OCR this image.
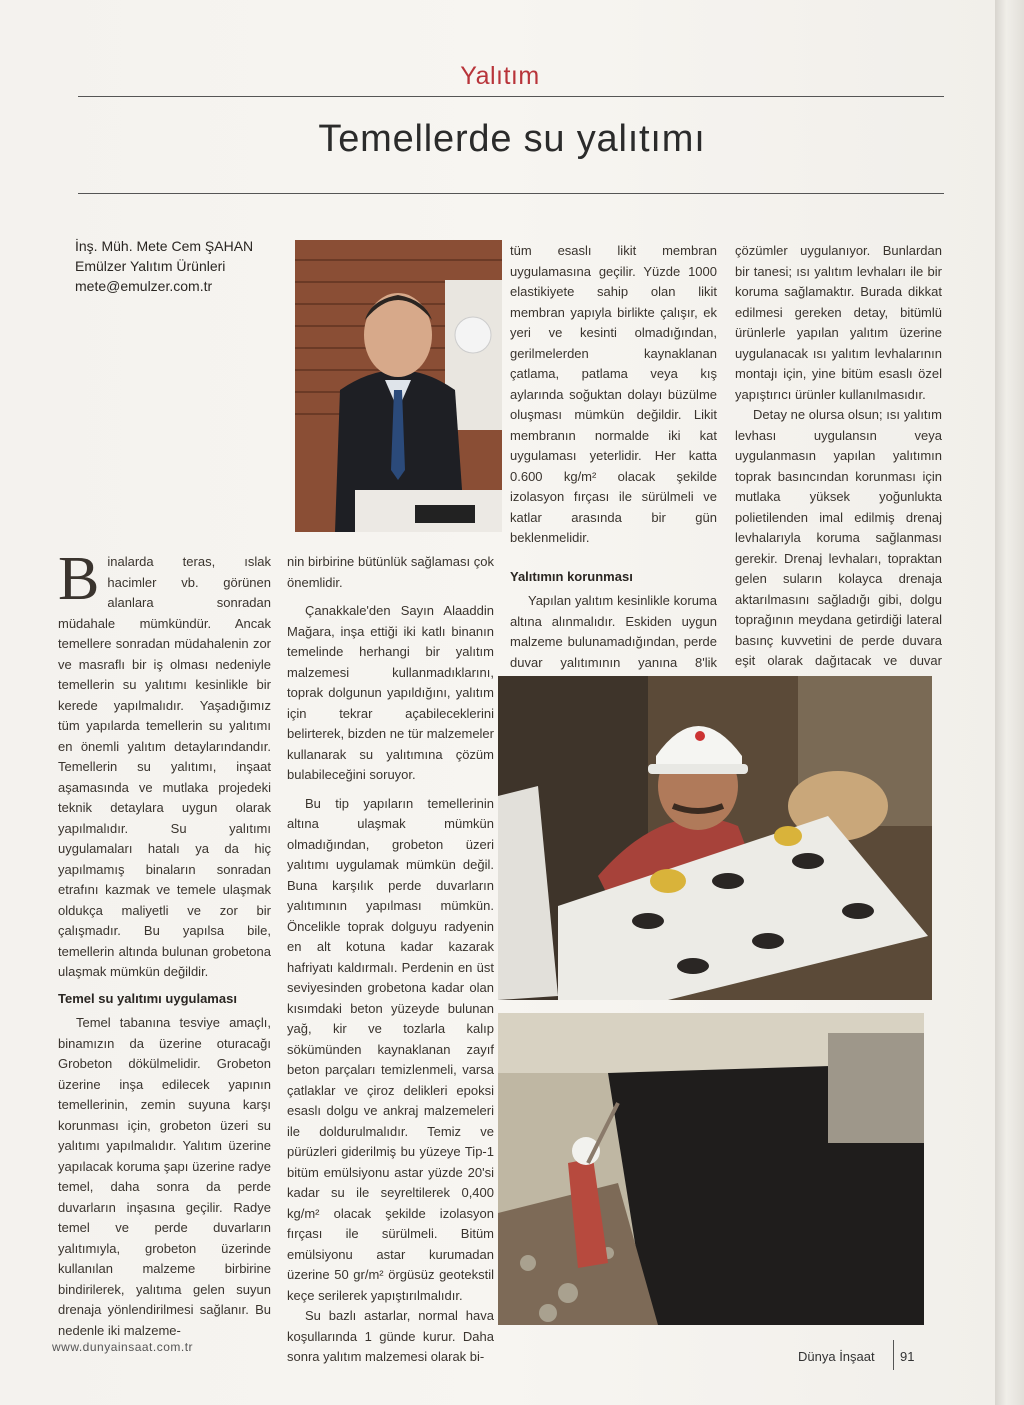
Yalıtım
Temellerde su yalıtımı
İnş. Müh. Mete Cem ŞAHAN
Emülzer Yalıtım Ürünleri
mete@emulzer.com.tr

Binalarda teras, ıslak hacimler vb. görünen alanlara sonradan müdahale mümkündür. Ancak temellere sonradan müdahalenin zor ve masraflı bir iş olması nedeniyle temellerin su yalıtımı kesinlikle bir kerede yapılmalıdır. Yaşadığımız tüm yapılarda temellerin su yalıtımı en önemli yalıtım detaylarındandır. Temellerin su yalıtımı, inşaat aşamasında ve mutlaka projedeki teknik detaylara uygun olarak yapılmalıdır. Su yalıtımı uygulamaları hatalı ya da hiç yapılmamış binaların sonradan etrafını kazmak ve temele ulaşmak oldukça maliyetli ve zor bir çalışmadır. Bu yapılsa bile, temellerin altında bulunan grobetona ulaşmak mümkün değildir.

Temel su yalıtımı uygulaması

Temel tabanına tesviye amaçlı, binamızın da üzerine oturacağı Grobeton dökülmelidir. Grobeton üzerine inşa edilecek yapının temellerinin, zemin suyuna karşı korunması için, grobeton üzeri su yalıtımı yapılmalıdır. Yalıtım üzerine yapılacak koruma şapı üzerine radye temel, daha sonra da perde duvarların inşasına geçilir. Radye temel ve perde duvarların yalıtımıyla, grobeton üzerinde kullanılan malzeme birbirine bindirilerek, yalıtıma gelen suyun drenaja yönlendirilmesi sağlanır. Bu nedenle iki malzeme-

nin birbirine bütünlük sağlaması çok önemlidir.

Çanakkale'den Sayın Alaaddin Mağara, inşa ettiği iki katlı binanın temelinde herhangi bir yalıtım malzemesi kullanmadıklarını, toprak dolgunun yapıldığını, yalıtım için tekrar açabileceklerini belirterek, bizden ne tür malzemeler kullanarak su yalıtımına çözüm bulabileceğini soruyor.

Bu tip yapıların temellerinin altına ulaşmak mümkün olmadığından, grobeton üzeri yalıtımı uygulamak mümkün değil. Buna karşılık perde duvarların yalıtımının yapılması mümkün. Öncelikle toprak dolguyu radyenin en alt kotuna kadar kazarak hafriyatı kaldırmalı. Perdenin en üst seviyesinden grobetona kadar olan kısımdaki beton yüzeyde bulunan yağ, kir ve tozlarla kalıp sökümünden kaynaklanan zayıf beton parçaları temizlenmeli, varsa çatlaklar ve çiroz delikleri epoksi esaslı dolgu ve ankraj malzemeleri ile doldurulmalıdır. Temiz ve pürüzleri giderilmiş bu yüzeye Tip-1 bitüm emülsiyonu astar yüzde 20'si kadar su ile seyreltilerek 0,400 kg/m² olacak şekilde izolasyon fırçası ile sürülmeli. Bitüm emülsiyonu astar kurumadan üzerine 50 gr/m² örgüsüz geotekstil keçe serilerek yapıştırılmalıdır.

Su bazlı astarlar, normal hava koşullarında 1 günde kurur. Daha sonra yalıtım malzemesi olarak bi-

tüm esaslı likit membran uygulamasına geçilir. Yüzde 1000 elastikiyete sahip olan likit membran yapıyla birlikte çalışır, ek yeri ve kesinti olmadığından, gerilmelerden kaynaklanan çatlama, patlama veya kış aylarında soğuktan dolayı büzülme oluşması mümkün değildir. Likit membranın normalde iki kat uygulaması yeterlidir. Her katta 0.600 kg/m² olacak şekilde izolasyon fırçası ile sürülmeli ve katlar arasında bir gün beklenmelidir.

Yalıtımın korunması

Yapılan yalıtım kesinlikle koruma altına alınmalıdır. Eskiden uygun malzeme bulunamadığından, perde duvar yalıtımının yanına 8'lik

çözümler uygulanıyor. Bunlardan bir tanesi; ısı yalıtım levhaları ile bir koruma sağlamaktır. Burada dikkat edilmesi gereken detay, bitümlü ürünlerle yapılan yalıtım üzerine uygulanacak ısı yalıtım levhalarının montajı için, yine bitüm esaslı özel yapıştırıcı ürünler kullanılmasıdır.

Detay ne olursa olsun; ısı yalıtım levhası uygulansın veya uygulanmasın yapılan yalıtımın toprak basıncından korunması için mutlaka yüksek yoğunlukta polietilenden imal edilmiş drenaj levhalarıyla koruma sağlanması gerekir. Drenaj levhaları, topraktan gelen suların kolayca drenaja aktarılmasını sağladığı gibi, dolgu toprağının meydana getirdiği lateral basınç kuvvetini de perde duvara eşit olarak dağıtacak ve duvar

www.dunyainsaat.com.tr
Dünya İnşaat 91
